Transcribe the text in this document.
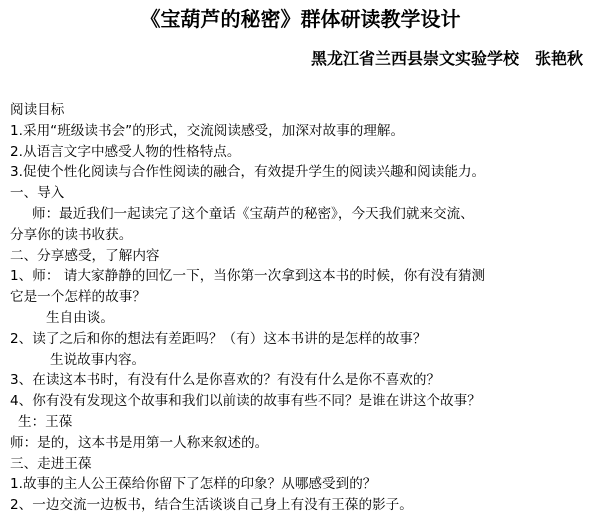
《宝葫芦的秘密》群体研读教学设计
黑龙江省兰西县崇文实验学校　张艳秋
阅读目标
1.采用“班级读书会”的形式，交流阅读感受，加深对故事的理解。
2.从语言文字中感受人物的性格特点。
3.促使个性化阅读与合作性阅读的融合，有效提升学生的阅读兴趣和阅读能力。
一、导入
师：最近我们一起读完了这个童话《宝葫芦的秘密》，今天我们就来交流、
分享你的读书收获。
二、分享感受，了解内容
1、师： 请大家静静的回忆一下，当你第一次拿到这本书的时候，你有没有猜测
它是一个怎样的故事？
生自由谈。
2、读了之后和你的想法有差距吗？（有）这本书讲的是怎样的故事？
生说故事内容。
3、在读这本书时，有没有什么是你喜欢的？有没有什么是你不喜欢的？
4、你有没有发现这个故事和我们以前读的故事有些不同？是谁在讲这个故事？
生：王葆
师：是的，这本书是用第一人称来叙述的。
三、走进王葆
1.故事的主人公王葆给你留下了怎样的印象？从哪感受到的？
2、一边交流一边板书，结合生活谈谈自己身上有没有王葆的影子。
